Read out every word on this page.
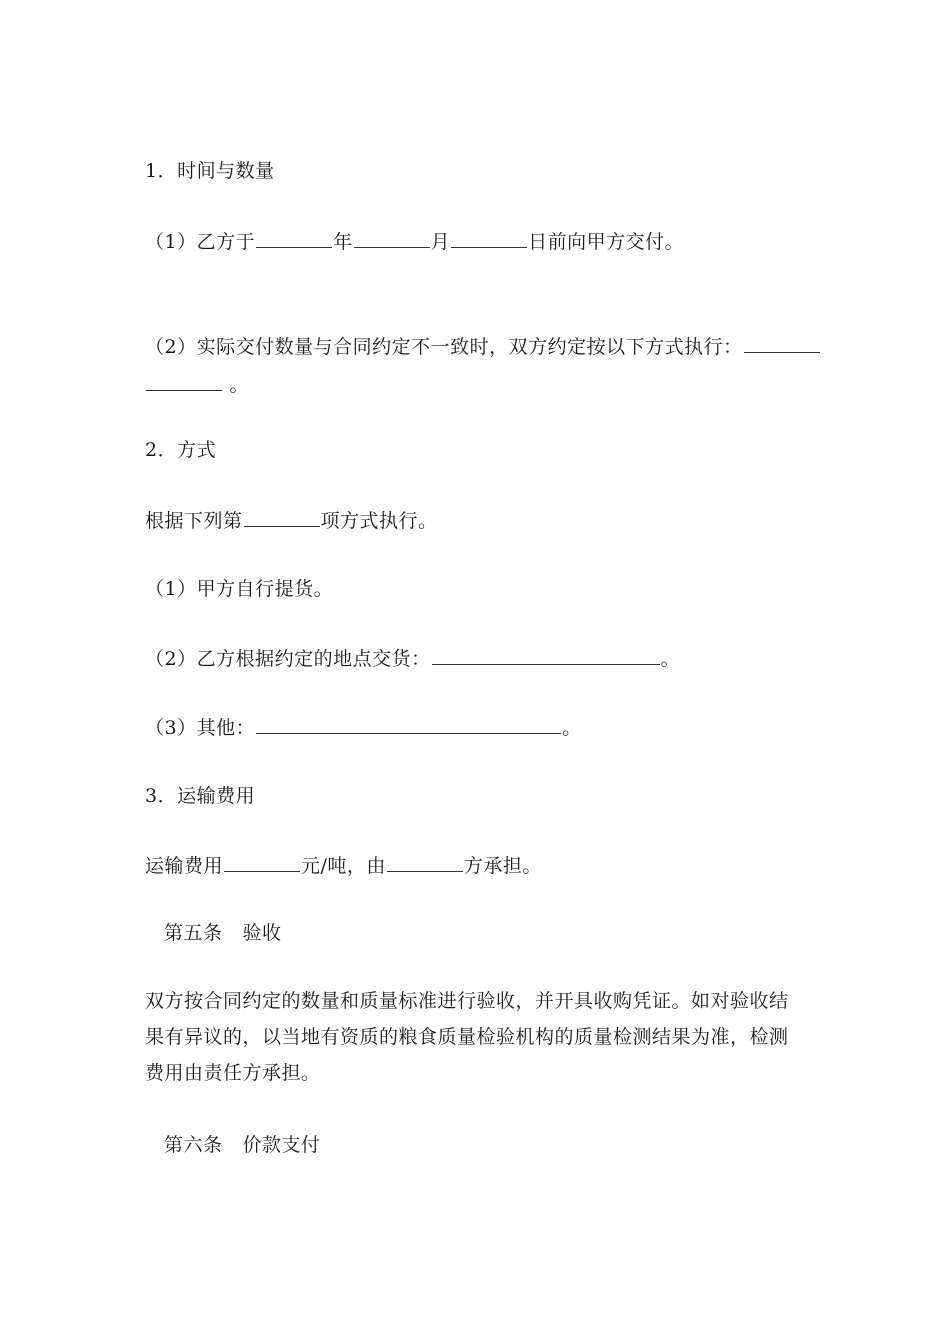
1．时间与数量
（1）乙方于	年	月	日前向甲方交付。
（2）实际交付数量与合同约定不一致时，双方约定按以下方式执行：
。
2．方式
根据下列第	项方式执行。
（1）甲方自行提货。
（2）乙方根据约定的地点交货：	。
（3）其他：	。
3．运输费用
运输费用	元/吨，由	方承担。
第五条 验收
双方按合同约定的数量和质量标准进行验收，并开具收购凭证。如对验收结果有异议的，以当地有资质的粮食质量检验机构的质量检测结果为准，检测费用由责任方承担。
第六条 价款支付
